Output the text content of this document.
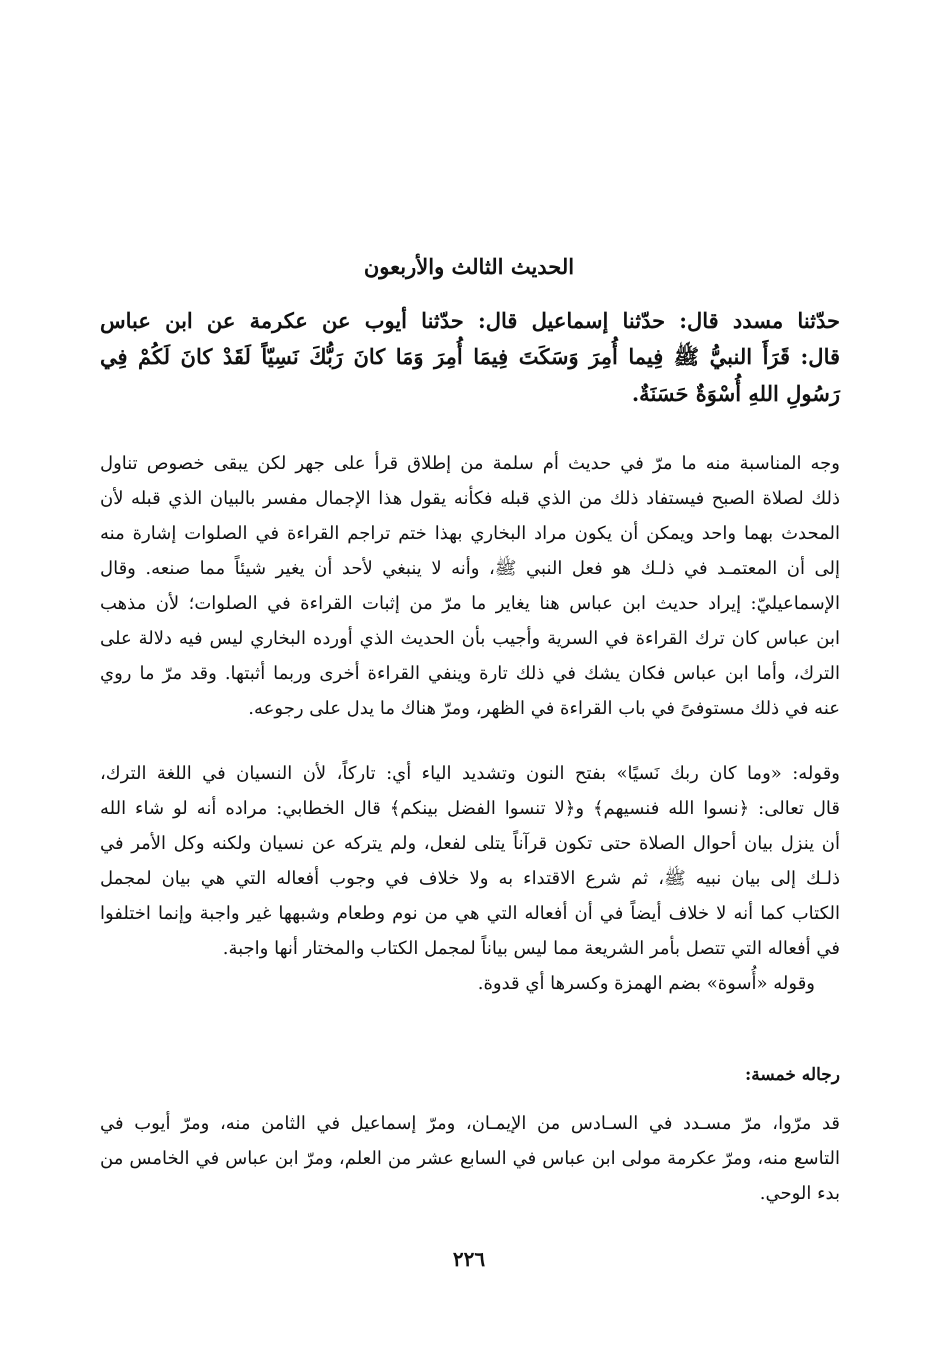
الحديث الثالث والأربعون
حدّثنا مسدد قال: حدّثنا إسماعيل قال: حدّثنا أيوب عن عكرمة عن ابن عباس
قال: قَرَأَ النبيُّ ﷺ فِيما أُمِرَ وَسَكَتَ فِيمَا أُمِرَ وَمَا كانَ رَبُّكَ نَسِيّاً لَقَدْ كانَ لَكُمْ فِي
رَسُولِ اللهِ أُسْوَةٌ حَسَنَةٌ.
وجه المناسبة منه ما مرّ في حديث أم سلمة من إطلاق قرأ على جهر لكن يبقى خصوص تناول
ذلك لصلاة الصبح فيستفاد ذلك من الذي قبله فكأنه يقول هذا الإجمال مفسر بالبيان الذي قبله لأن
المحدث بهما واحد ويمكن أن يكون مراد البخاري بهذا ختم تراجم القراءة في الصلوات إشارة منه
إلى أن المعتمـد في ذلـك هو فعل النبي ﷺ، وأنه لا ينبغي لأحد أن يغير شيئاً مما صنعه. وقال
الإسماعيليّ: إيراد حديث ابن عباس هنا يغاير ما مرّ من إثبات القراءة في الصلوات؛ لأن مذهب
ابن عباس كان ترك القراءة في السرية وأجيب بأن الحديث الذي أورده البخاري ليس فيه دلالة على
الترك، وأما ابن عباس فكان يشك في ذلك تارة وينفي القراءة أخرى وربما أثبتها. وقد مرّ ما روي
عنه في ذلك مستوفىً في باب القراءة في الظهر، ومرّ هناك ما يدل على رجوعه.
وقوله: «وما كان ربك نَسيًا» بفتح النون وتشديد الياء أي: تاركاً، لأن النسيان في اللغة الترك،
قال تعالى: ﴿نسوا الله فنسيهم﴾ و﴿لا تنسوا الفضل بينكم﴾ قال الخطابي: مراده أنه لو شاء الله
أن ينزل بيان أحوال الصلاة حتى تكون قرآناً يتلى لفعل، ولم يتركه عن نسيان ولكنه وكل الأمر في
ذلـك إلى بيان نبيه ﷺ، ثم شرع الاقتداء به ولا خلاف في وجوب أفعاله التي هي بيان لمجمل
الكتاب كما أنه لا خلاف أيضاً في أن أفعاله التي هي من نوم وطعام وشبهها غير واجبة وإنما اختلفوا
في أفعاله التي تتصل بأمر الشريعة مما ليس بياناً لمجمل الكتاب والمختار أنها واجبة.
وقوله «أُسوة» بضم الهمزة وكسرها أي قدوة.
رجاله خمسة:
قد مرّوا، مرّ مسـدد في السـادس من الإيمـان، ومرّ إسماعيل في الثامن منه، ومرّ أيوب في
التاسع منه، ومرّ عكرمة مولى ابن عباس في السابع عشر من العلم، ومرّ ابن عباس في الخامس من
بدء الوحي.
٢٢٦
